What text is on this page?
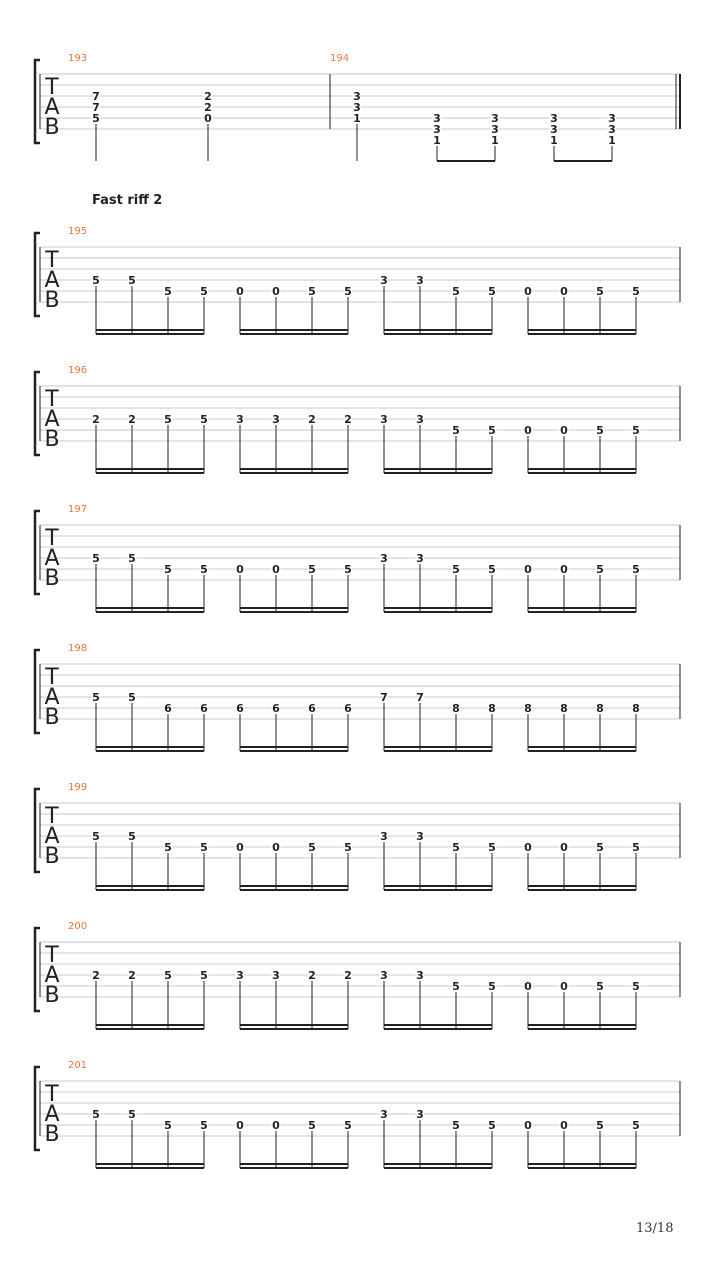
T
A
B
193
7
7
5
2
2
0
194
3
3
1	3
3
1
3
3
1
3
3
1
3
3
1
T
A
B
195
5	5
5	5	0	0	5	5
3	3
5	5	0	0	5	5
T
A
B
196
2	2	5	5	3	3	2	2	3	3
5	5	0	0	5	5
T
A
B
197
5	5
5	5	0	0	5	5
3	3
5	5	0	0	5	5
T
A
B
198
5	5
6	6	6	6	6	6
7	7
8	8	8	8	8	8
T
A
B
199
5	5
5	5	0	0	5	5
3	3
5	5	0	0	5	5
T
A
B
200
2	2	5	5	3	3	2	2	3	3
5	5	0	0	5	5
T
A
B
201
5	5
5	5	0	0	5	5
3	3
5	5	0	0	5	5
Fast riff 2
13/18
